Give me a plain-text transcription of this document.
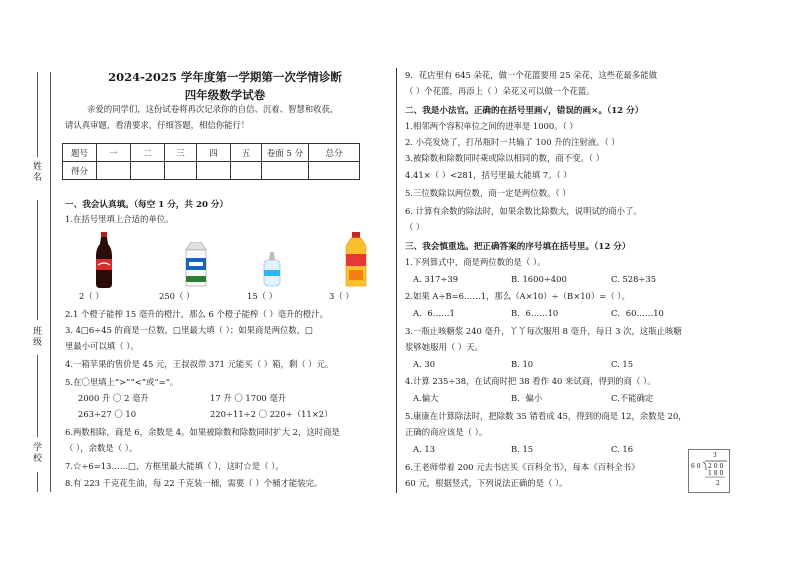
姓名
班级
学校
2024-2025 学年度第一学期第一次学情诊断
四年级数学试卷
亲爱的同学们，这份试卷将再次记录你的自信、沉着、智慧和收获，
请认真审题，看清要求，仔细答题，相信你能行！
题号	一	二	三	四	五	卷面 5 分	总分
得分							
一、我会认真填。（每空 1 分，共 20 分）
1.在括号里填上合适的单位。
2（ ）	250（ ）	15（ ）	3（ ）
2.1 个橙子能榨 15 毫升的橙汁，那么 6 个橙子能榨（ ）毫升的橙汁。
3. 4□6÷45 的商是一位数，□里最大填（ ）；如果商是两位数，□
里最小可以填（ ）。
4.一箱苹果的售价是 45 元，王叔叔带 371 元能买（ ）箱，剩（ ）元。
5.在〇里填上“>”“<”或“=”。
2000 升 〇 2 毫升	17 升 〇 1700 毫升
263÷27 〇 10	220÷11÷2 〇 220÷（11×2）
6.两数相除，商是 6，余数是 4。如果被除数和除数同时扩大 2，这时商是
（ ），余数是（ ）。
7.☆÷6=13……□，方框里最大能填（ ），这时☆是（ ）。
8.有 223 千克花生油，每 22 千克装一桶，需要（ ）个桶才能装完。
9．花店里有 645 朵花，做一个花篮要用 25 朵花，这些花最多能做
（ ）个花篮，再添上（ ）朵花又可以做一个花篮。
二、我是小法官。正确的在括号里画√，错误的画×。（12 分）
1.相邻两个容积单位之间的进率是 1000。（ ）
2. 小亮发烧了，打吊瓶时一共输了 100 升的注射液。（ ）
3.被除数和除数同时乘或除以相同的数，商不变。（ ）
4.41×（ ）<281，括号里最大能填 7。（ ）
5.三位数除以两位数，商一定是两位数。（ ）
6. 计算有余数的除法时，如果余数比除数大，说明试的商小了。
（ ）
三、我会慎重选。把正确答案的序号填在括号里。（12 分）
1.下列算式中，商是两位数的是（ ）。
A. 317÷39	B. 1600÷400	C. 528÷35
2.如果 A÷B=6……1，那么（A×10）÷（B×10）=（ ）。
A．6……1	B．6……10	C．60……10
3.一瓶止咳糖浆 240 毫升，丫丫每次服用 8 毫升，每日 3 次，这瓶止咳糖
浆够她服用（ ）天。
A. 30	B. 10	C. 15
4.计算 235÷38，在试商时把 38 看作 40 来试商，得到的商（ ）。
A.偏大	B．偏小	C.不能确定
5.康康在计算除法时，把除数 35 错看成 45，得到的商是 12，余数是 20，
正确的商应该是（ ）。
A. 13	B. 15	C. 16
6.王老师带着 200 元去书店买《百科全书》，每本《百科全书》
60 元，根据竖式，下列说法正确的是（ ）。
3
6 0 2 0 0
1 8 0
2
